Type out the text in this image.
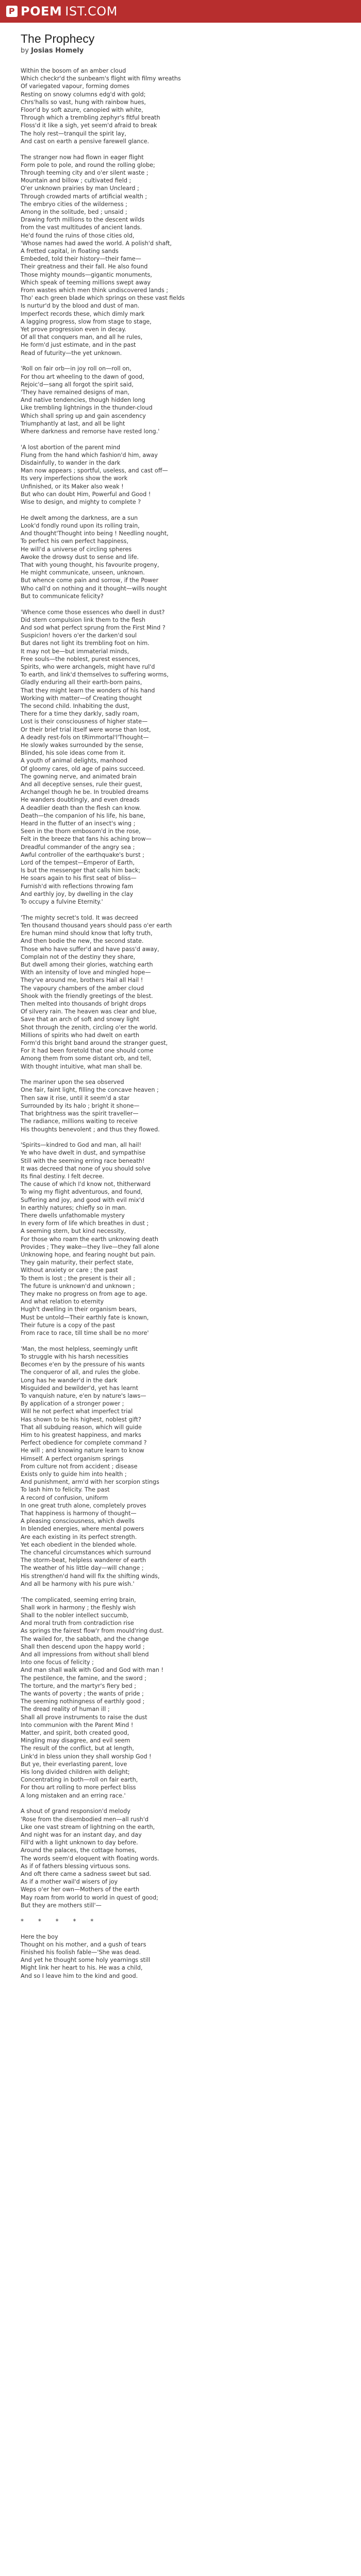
P POEM IST.COM
The Prophecy
by Josias Homely
Within the bosom of an amber cloud
Which checkr'd the sunbeam's flight with filmy wreaths
Of variegated vapour, forming domes
Resting on snowy columns edg'd with gold;
Chrs'halls so vast, hung with rainbow hues,
Floor'd by soft azure, canopied with white,
Through which a trembling zephyr's fitful breath
Floss'd it like a sigh, yet seem'd afraid to break
The holy rest—tranquil the spirit lay,
And cast on earth a pensive farewell glance.
The stranger now had flown in eager flight
Form pole to pole, and round the rolling globe;
Through teeming city and o'er silent waste ;
Mountain and billow ; cultivated field ;
O'er unknown prairies by man Uncleard ;
Through crowded marts of artificial wealth ;
The embryo cities of the wilderness ;
Among in the solitude, bed ; unsaid ;
Drawing forth millions to the descent wilds
from the vast multitudes of ancient lands.
He'd found the ruins of those cities old,
'Whose names had awed the world. A polish'd shaft,
A fretted capital, in floating sands
Embeded, told their history—their fame—
Their greatness and their fall. He also found
Those mighty mounds—gigantic monuments,
Which speak of teeming millions swept away
From wastes which men think undiscovered lands ;
Tho' each green blade which springs on these vast fields
Is nurtur'd by the blood and dust of man.
Imperfect records these, which dimly mark
A lagging progress, slow from stage to stage,
Yet prove progression even in decay.
Of all that conquers man, and all he rules,
He form'd just estimate, and in the past
Read of futurity—the yet unknown.
'Roll on fair orb—in joy roll on—roll on,
For thou art wheeling to the dawn of good,
Rejoic'd—sang all forgot the spirit said,
'They have remained designs of man,
And native tendencies, though hidden long
Like trembling lightnings in the thunder-cloud
Which shall spring up and gain ascendency
Triumphantly at last, and all be light
Where darkness and remorse have rested long.'
'A lost abortion of the parent mind
Flung from the hand which fashion'd him, away
Disdainfully, to wander in the dark
Man now appears ; sportful, useless, and cast off—
Its very imperfections show the work
Unfinished, or its Maker also weak !
But who can doubt Him, Powerful and Good !
Wise to design, and mighty to complete ?
He dwelt among the darkness, are a sun
Look'd fondly round upon its rolling train,
And thought'Thought into being ! Needling nought,
To perfect his own perfect happiness,
He will'd a universe of circling spheres
Awoke the drowsy dust to sense and life.
That with young thought, his favourite progeny,
He might communicate, unseen, unknown.
But whence come pain and sorrow, if the Power
Who call'd on nothing and it thought—wills nought
But to communicate felicity?
'Whence come those essences who dwell in dust?
Did stern compulsion link them to the flesh
And sod what perfect sprung from the First Mind ?
Suspicion! hovers o'er the darken'd soul
But dares not light its trembling foot on him.
It may not be—but immaterial minds,
Free souls—the noblest, purest essences,
Spirits, who were archangels, might have rul'd
To earth, and link'd themselves to suffering worms,
Gladly enduring all their earth-born pains,
That they might learn the wonders of his hand
Working with matter—of Creating thought
The second child. Inhabiting the dust,
There for a time they darkly, sadly roam,
Lost is their consciousness of higher state—
Or their brief trial itself were worse than lost,
A deadly rest-fols on tRimmortal'l'Thought—
He slowly wakes surrounded by the sense,
Blinded, his sole ideas come from it.
A youth of animal delights, manhood
Of gloomy cares, old age of pains succeed.
The gowning nerve, and animated brain
And all deceptive senses, rule their guest,
Archangel though he be. In troubled dreams
He wanders doubtingly, and even dreads
A deadlier death than the flesh can know.
Death—the companion of his life, his bane,
Heard in the flutter of an insect's wing ;
Seen in the thorn embosom'd in the rose,
Felt in the breeze that fans his aching brow—
Dreadful commander of the angry sea ;
Awful controller of the earthquake's burst ;
Lord of the tempest—Emperor of Earth,
Is but the messenger that calls him back;
He soars again to his first seat of bliss—
Furnish'd with reflections throwing fam
And earthly joy, by dwelling in the clay
To occupy a fulvine Eternity.'
'The mighty secret's told. It was decreed
Ten thousand thousand years should pass o'er earth
Ere human mind should know that lofty truth,
And then bodie the new, the second state.
Those who have suffer'd and have pass'd away,
Complain not of the destiny they share,
But dwell among their glories, watching earth
With an intensity of love and mingled hope—
They've around me, brothers Hail all Hail !
The vapoury chambers of the amber cloud
Shook with the friendly greetings of the blest.
Then melted into thousands of bright drops
Of silvery rain. The heaven was clear and blue,
Save that an arch of soft and snowy light
Shot through the zenith, circling o'er the world.
Millions of spirits who had dwelt on earth
Form'd this bright band around the stranger guest,
For it had been foretold that one should come
Among them from some distant orb, and tell,
With thought intuitive, what man shall be.
The mariner upon the sea observed
One fair, faint light, filling the concave heaven ;
Then saw it rise, until it seem'd a star
Surrounded by its halo ; bright it shone—
That brightness was the spirit traveller—
The radiance, millions waiting to receive
His thoughts benevolent ; and thus they flowed.
'Spirits—kindred to God and man, all hail!
Ye who have dwelt in dust, and sympathise
Still with the seeming erring race beneath!
It was decreed that none of you should solve
Its final destiny. I felt decree.
The cause of which I'd know not, thitherward
To wing my flight adventurous, and found,
Suffering and joy, and good with evil mix'd
In earthly natures; chiefly so in man.
There dwells unfathomable mystery
In every form of life which breathes in dust ;
A seeming stern, but kind necessity,
For those who roam the earth unknowing death
Provides ; They wake—they live—they fall alone
Unknowing hope, and fearing nought but pain.
They gain maturity, their perfect state,
Without anxiety or care ; the past
To them is lost ; the present is their all ;
The future is unknown'd and unknown ;
They make no progress on from age to age.
And what relation to eternity
Hugh't dwelling in their organism bears,
Must be untold—Their earthly fate is known,
Their future is a copy of the past
From race to race, till time shall be no more'
'Man, the most helpless, seemingly unfit
To struggle with his harsh necessities
Becomes e'en by the pressure of his wants
The conqueror of all, and rules the globe.
Long has he wander'd in the dark
Misguided and bewilder'd, yet has learnt
To vanquish nature, e'en by nature's laws—
By application of a stronger power ;
Will he not perfect what imperfect trial
Has shown to be his highest, noblest gift?
That all subduing reason, which will guide
Him to his greatest happiness, and marks
Perfect obedience for complete command ?
He will ; and knowing nature learn to know
Himself. A perfect organism springs
From culture not from accident ; disease
Exists only to guide him into health ;
And punishment, arm'd with her scorpion stings
To lash him to felicity. The past
A record of confusion, uniform
In one great truth alone, completely proves
That happiness is harmony of thought—
A pleasing consciousness, which dwells
In blended energies, where mental powers
Are each existing in its perfect strength.
Yet each obedient in the blended whole.
The chanceful circumstances which surround
The storm-beat, helpless wanderer of earth
The weather of his little day—will change ;
His strengthen'd hand will fix the shifting winds,
And all be harmony with his pure wish.'
'The complicated, seeming erring brain,
Shall work in harmony ; the fleshly wish
Shall to the nobler intellect succumb,
And moral truth from contradiction rise
As springs the fairest flow'r from mould'ring dust.
The wailed for, the sabbath, and the change
Shall then descend upon the happy world ;
And all impressions from without shall blend
Into one focus of felicity ;
And man shall walk with God and God with man !
The pestilence, the famine, and the sword ;
The torture, and the martyr's fiery bed ;
The wants of poverty ; the wants of pride ;
The seeming nothingness of earthly good ;
The dread reality of human ill ;
Shall all prove instruments to raise the dust
Into communion with the Parent Mind !
Matter, and spirit, both created good,
Mingling may disagree, and evil seem
The result of the conflict, but at length,
Link'd in bless union they shall worship God !
But ye, their everlasting parent, love
His long divided children with delight;
Concentrating in both—roll on fair earth,
For thou art rolling to more perfect bliss
A long mistaken and an erring race.'
A shout of grand responsion'd melody
'Rose from the disembodied men—all rush'd
Like one vast stream of lightning on the earth,
And night was for an instant day, and day
Fill'd with a light unknown to day before.
Around the palaces, the cottage homes,
The words seem'd eloquent with floating words.
As if of fathers blessing virtuous sons.
And oft there came a sadness sweet but sad.
As if a mother wail'd wisers of joy
Weps o'er her own—Mothers of the earth
May roam from world to world in quest of good;
But they are mothers still'—
* * * * *
Here the boy
Thought on his mother, and a gush of tears
Finished his foolish fable—'She was dead.
And yet he thought some holy yearnings still
Might link her heart to his. He was a child,
And so I leave him to the kind and good.
